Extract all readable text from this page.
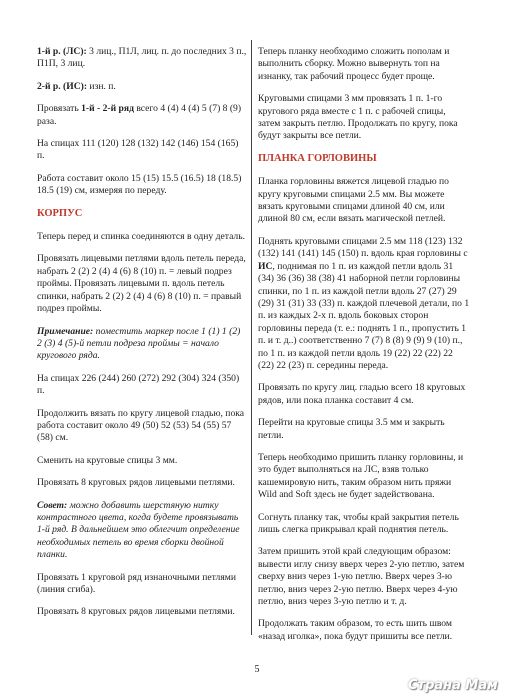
1-й р. (ЛС): 3 лиц., П1Л, лиц. п. до последних 3 п., П1П, 3 лиц.

2-й р. (ИС): изн. п.

Провязать 1-й - 2-й ряд всего 4 (4) 4 (4) 5 (7) 8 (9) раза.

На спицах 111 (120) 128 (132) 142 (146) 154 (165) п.

Работа составит около 15 (15) 15.5 (16.5) 18 (18.5) 18.5 (19) см, измеряя по переду.

КОРПУС

Теперь перед и спинка соединяются в одну деталь.

Провязать лицевыми петлями вдоль петель переда, набрать 2 (2) 2 (4) 4 (6) 8 (10) п. = левый подрез проймы. Провязать лицевыми п. вдоль петель спинки, набрать 2 (2) 2 (4) 4 (6) 8 (10) п. = правый подрез проймы.

Примечание: поместить маркер после 1 (1) 1 (2) 2 (3) 4 (5)-й петли подреза проймы = начало кругового ряда.

На спицах 226 (244) 260 (272) 292 (304) 324 (350) п.

Продолжить вязать по кругу лицевой гладью, пока работа составит около 49 (50) 52 (53) 54 (55) 57 (58) см.

Сменить на круговые спицы 3 мм.

Провязать 8 круговых рядов лицевыми петлями.

Совет: можно добавить шерстяную нитку контрастного цвета, когда будете провязывать 1-й ряд. В дальнейшем это облегчит определение необходимых петель во время сборки двойной планки.

Провязать 1 круговой ряд изнаночными петлями (линия сгиба).

Провязать 8 круговых рядов лицевыми петлями.

Теперь планку необходимо сложить пополам и выполнить сборку. Можно вывернуть топ на изнанку, так рабочий процесс будет проще.

Круговыми спицами 3 мм провязать 1 п. 1-го кругового ряда вместе с 1 п. с рабочей спицы, затем закрыть петлю. Продолжать по кругу, пока будут закрыты все петли.

ПЛАНКА ГОРЛОВИНЫ

Планка горловины вяжется лицевой гладью по кругу круговыми спицами 2.5 мм. Вы можете вязать круговыми спицами длиной 40 см, или длиной 80 см, если вязать магической петлей.

Поднять круговыми спицами 2.5 мм 118 (123) 132 (132) 141 (141) 145 (150) п. вдоль края горловины с ИС, поднимая по 1 п. из каждой петли вдоль 31 (34) 36 (36) 38 (38) 41 наборной петли горловины спинки, по 1 п. из каждой петли вдоль 27 (27) 29 (29) 31 (31) 33 (33) п. каждой плечевой детали, по 1 п. из каждых 2-х п. вдоль боковых сторон горловины переда (т. е.: поднять 1 п., пропустить 1 п. и т. д..) соответственно 7 (7) 8 (8) 9 (9) 9 (10) п., по 1 п. из каждой петли вдоль 19 (22) 22 (22) 22 (22) 22 (23) п. середины переда.

Провязать по кругу лиц. гладью всего 18 круговых рядов, или пока планка составит 4 см.

Перейти на круговые спицы 3.5 мм и закрыть петли.

Теперь необходимо пришить планку горловины, и это будет выполняться на ЛС, взяв только кашемировую нить, таким образом нить пряжи Wild and Soft здесь не будет задействована.

Согнуть планку так, чтобы край закрытия петель лишь слегка прикрывал край поднятия петель.

Затем пришить этой край следующим образом: вывести иглу снизу вверх через 2-ую петлю, затем сверху вниз через 1-ую петлю. Вверх через 3-ю петлю, вниз через 2-ую петлю. Вверх через 4-ую петлю, вниз через 3-ую петлю и т. д.

Продолжать таким образом, то есть шить швом «назад иголка», пока будут пришиты все петли.

5
Страна Мам
